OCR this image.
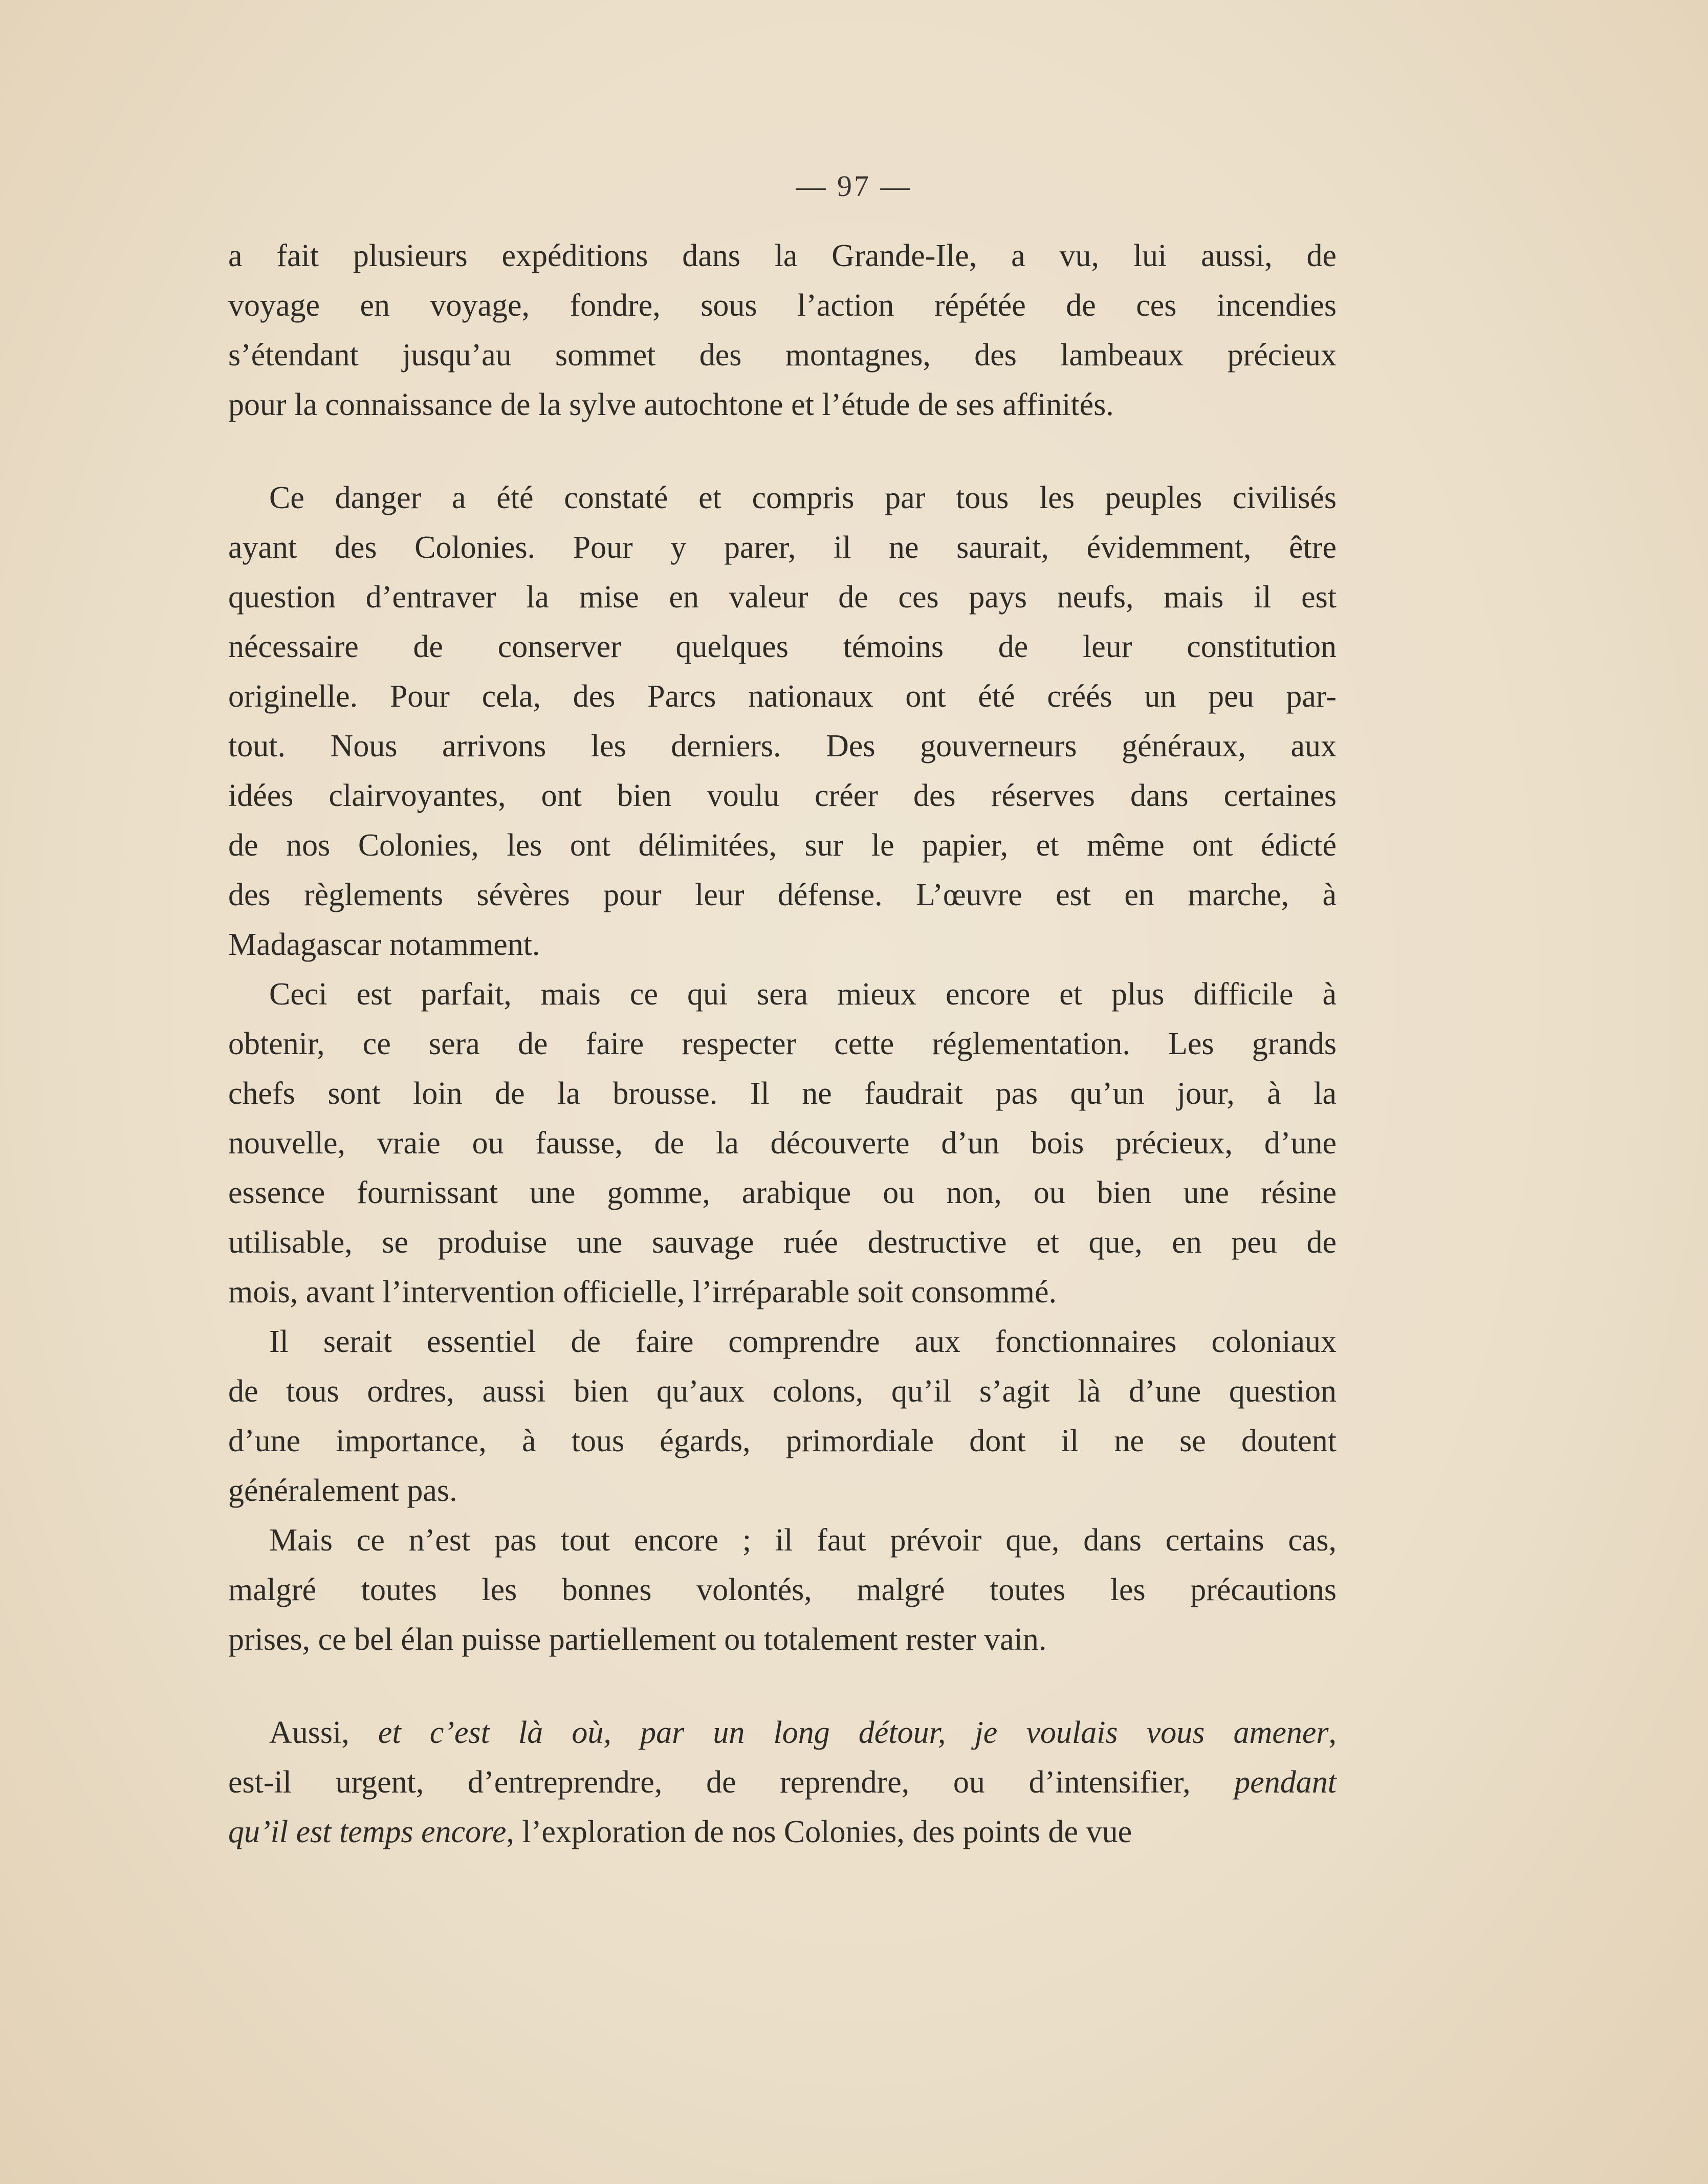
— 97 —
a fait plusieurs expéditions dans la Grande-Ile, a vu, lui aussi, de
voyage en voyage, fondre, sous l’action répétée de ces incendies
s’étendant jusqu’au sommet des montagnes, des lambeaux précieux
pour la connaissance de la sylve autochtone et l’étude de ses affinités.
Ce danger a été constaté et compris par tous les peuples civilisés
ayant des Colonies. Pour y parer, il ne saurait, évidemment, être
question d’entraver la mise en valeur de ces pays neufs, mais il est
nécessaire de conserver quelques témoins de leur constitution
originelle. Pour cela, des Parcs nationaux ont été créés un peu par-
tout. Nous arrivons les derniers. Des gouverneurs généraux, aux
idées clairvoyantes, ont bien voulu créer des réserves dans certaines
de nos Colonies, les ont délimitées, sur le papier, et même ont édicté
des règlements sévères pour leur défense. L’œuvre est en marche, à
Madagascar notamment.
Ceci est parfait, mais ce qui sera mieux encore et plus difficile à
obtenir, ce sera de faire respecter cette réglementation. Les grands
chefs sont loin de la brousse. Il ne faudrait pas qu’un jour, à la
nouvelle, vraie ou fausse, de la découverte d’un bois précieux, d’une
essence fournissant une gomme, arabique ou non, ou bien une résine
utilisable, se produise une sauvage ruée destructive et que, en peu de
mois, avant l’intervention officielle, l’irréparable soit consommé.
Il serait essentiel de faire comprendre aux fonctionnaires coloniaux
de tous ordres, aussi bien qu’aux colons, qu’il s’agit là d’une question
d’une importance, à tous égards, primordiale dont il ne se doutent
généralement pas.
Mais ce n’est pas tout encore ; il faut prévoir que, dans certains cas,
malgré toutes les bonnes volontés, malgré toutes les précautions
prises, ce bel élan puisse partiellement ou totalement rester vain.
Aussi, et c’est là où, par un long détour, je voulais vous amener,
est-il urgent, d’entreprendre, de reprendre, ou d’intensifier, pendant
qu’il est temps encore, l’exploration de nos Colonies, des points de vue
